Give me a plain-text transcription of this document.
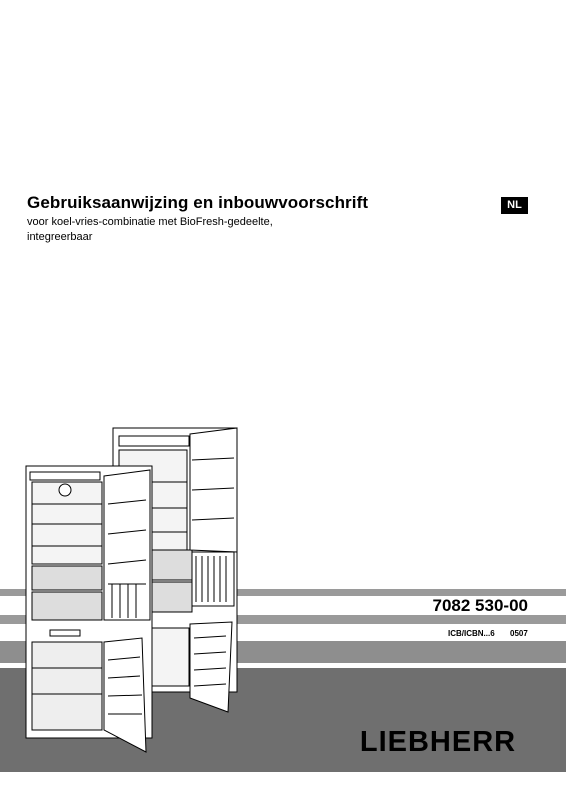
Gebruiksaanwijzing en inbouwvoorschrift
voor koel-vries-combinatie met BioFresh-gedeelte,
integreerbaar
NL
7082 530-00
ICB/ICBN...6 0507
LIEBHERR
